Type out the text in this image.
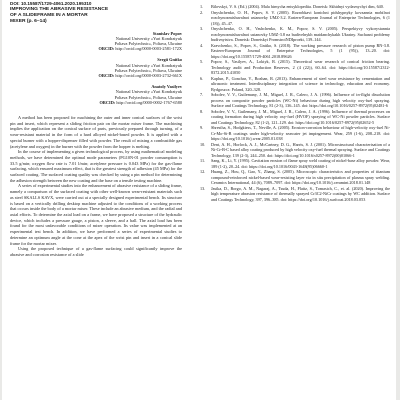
DOI: 10.15587/1729-4061.2020.195310
IMPROVING THE ABRASIVE RESISTANCE
OF A SLIDEFRAME IN A MORTAR
MIXER (p. 6–14)
Stanislav Popov
National University «Yuri Kondratyuk
Poltava Polytechnic», Poltava, Ukraine
ORCID: http://orcid.org/0000-0003-2581-172X
Sergii Gnitko
National University «Yuri Kondratyuk
Poltava Polytechnic», Poltava, Ukraine
ORCID: http://orcid.org/0000-0003-2732-661X
Anatoly Vasilyev
National University «Yuri Kondratyuk
Poltava Polytechnic», Poltava, Ukraine
ORCID: http://orcid.org/0000-0002-1767-6580

A method has been proposed for machining the outer and inner conical surfaces of the wrist pin and insert, which represent a sliding friction pair on the mortar mixer frame. The machining implies the application on the conical surface of parts, previously prepared through turning, of a wear-resistant material in the form of a hard alloyed nickel-based powder. It is applied with a special burner with a hopper-dispenser filled with powder. The result of mixing a combustible gas (acetylene and oxygen) in the burner with the powder from the hopper is melting.

In the course of implementing a given technological process, by using mathematical modeling methods, we have determined the optimal mode parameters (PG10N-01 powder consumption is 33.5 g/min; oxygen flow rate is 7.01 l/min; acetylene pressure is 0.043 MPa) for the gas-flame surfacing, which ensured maximum effect, that is the greatest strength of adhesion (45 MPa) for the surfaced coating. The surfaced coating quality was checked by using a pin method for determining the adhesion strength between the new coating and the base on a tensile testing machine.

A series of experimental studies into the enhancement of abrasive resistance of a sliding frame, namely a comparison of the surfaced coating with other well-known wear-resistant materials such as steel SKALLS KAVX, were carried out at a specially designed experimental bench. Its structure is based on a vertically drilling desktop machine adjusted to the conditions of a working process that occurs inside the body of a mortar mixer. These include an abrasive medium, and the radial and axial efforts. To determine the axial load on a frame, we have proposed a structure of the hydraulic device, which includes a pressure gauge, a piston, a sleeve, and a ball. The axial load has been found for the most unfavorable conditions of mixer operation. Its value was implemented at an experimental test bench. In addition, we have performed a series of experimental studies to determine an optimum angle at the cone at the apex of the wrist pin and insert in a conical slide frame for the mortar mixer.

Using the proposed technique of a gas-flame surfacing could significantly improve the abrasive and corrosion resistance of a slide

1.	Bilovskyi, V. S. (Ed.) (2004). Mala hirnycha entsyklopediia. Donetsk: Skhidnyi vydavnychyi dim, 640.
2.	Onyshchenko, O. H., Popov, S. V. (2005). Rozrobkavi konichni pidshypnyky kovzannia mobilnoi rozchynozmishuvalnoi ustanovky UMZ-3.2. Eastern-European Journal of Enterprise Technologies, 6 (1 (18)), 45–47.
3.	Onyshchenko, O. H., Vashchenko, K. M., Popov, S. V. (2005). Perspektyvy vykorystannia rozchynozmishuvalnoi ustanovky UMZ-3.8 na budivelnykh maidanchykakh Ukrainy. Suchasni problemy budivnytstva. Donetsk: Donetskyi PromstroiNDIproekt, 139–144.
4.	Kravchenko, S., Popov, S., Gnitko, S. (2018). The working pressure research of piston pump RN-3.8. Eastern-European Journal of Enterprise Technologies, 5 (1 (95)), 13–20. doi: https://doi.org/10.15587/1729-4061.2018.89626
5.	Popov, S., Vasilyev, A., Loktyk, R. (2015). Theoretical wear research of conical friction bearing. Technology audit and Production Reserves, 2 (4 (22)), 60–64. doi: https://doi.org/10.15587/2312-8372.2015.41050
6.	Kaplun, P., Gonchar, V., Bozhan, R. (2013). Enhancement of steel wear resistance by cementation and ultrasonic treatment. Interdisciplinary integration of science in technology, education and economy. Bydgoszcz: Poland, 320–328.
7.	Sobolev, V. V., Guilemany, J. M., Miguel, J. R., Calero, J. A. (1996). Influence of in-flight dissolution process on composite powder particles (WC-Ni) behaviour during high velocity oxy-fuel spraying. Surface and Coatings Technology, 81 (2-3), 136–145. doi: https://doi.org/10.1016/0257-8972(95)02481-6
8.	Sobolev, V. V., Guilemany, J. M., Miguel, J. R., Calero, J. A. (1996). Influence of thermal processes on coating formation during high velocity oxy-fuel (HVOF) spraying of WC-Ni powder particles. Surface and Coatings Technology, 82 (1-2), 121–129. doi: https://doi.org/10.1016/0257-8972(95)02652-5
9.	Shrestha, S., Hodgkiess, T., Neville, A. (2005). Erosion-corrosion behaviour of high-velocity oxy-fuel Ni-Cr-Mo-Si-B coatings under high-velocity seawater jet impingement. Wear, 259 (1-6), 208–218. doi: https://doi.org/10.1016/j.wear.2005.01.038
10.	Dent, A. H., Horlock, A. J., McCartney, D. G., Harris, S. J. (2001). Microstructural characterisation of a Ni-Cr-B-C based alloy coating produced by high velocity oxy-fuel thermal spraying. Surface and Coatings Technology, 139 (2-3), 244–250. doi: https://doi.org/10.1016/s0257-8972(00)01066-1
11.	Sang, K., Li, Y. (1995). Cavitation erosion of flame spray weld coating of nickel-base alloy powder. Wear, 189 (1-2), 20–24. doi: https://doi.org/10.1016/0043-1648(95)06660-1
12.	Huang, Z., Hou, Q., Gao, Y., Zhang, S. (2005). Microscopic characteristics and properties of titanium compound-reinforced nickel-based wear-resisting layer via in situ precipitation of plasma spray welding. Ceramics International, 44 (6), 7089–7097. doi: https://doi.org/10.1016/j.ceramint.2018.01.148
13.	Jasika, D., Borgo, A. M., Nagaraj, A., Tsuda, H., Flaitz, S., Tomasich, C., et. al. (2020). Improving the high temperature abrasion resistance of thermally sprayed Cr3C2-NiCr coatings by WC addition. Surface and Coatings Technology, 397, 396–385. doi: https://doi.org/10.1016/j.surfcoat.2018.03.053
